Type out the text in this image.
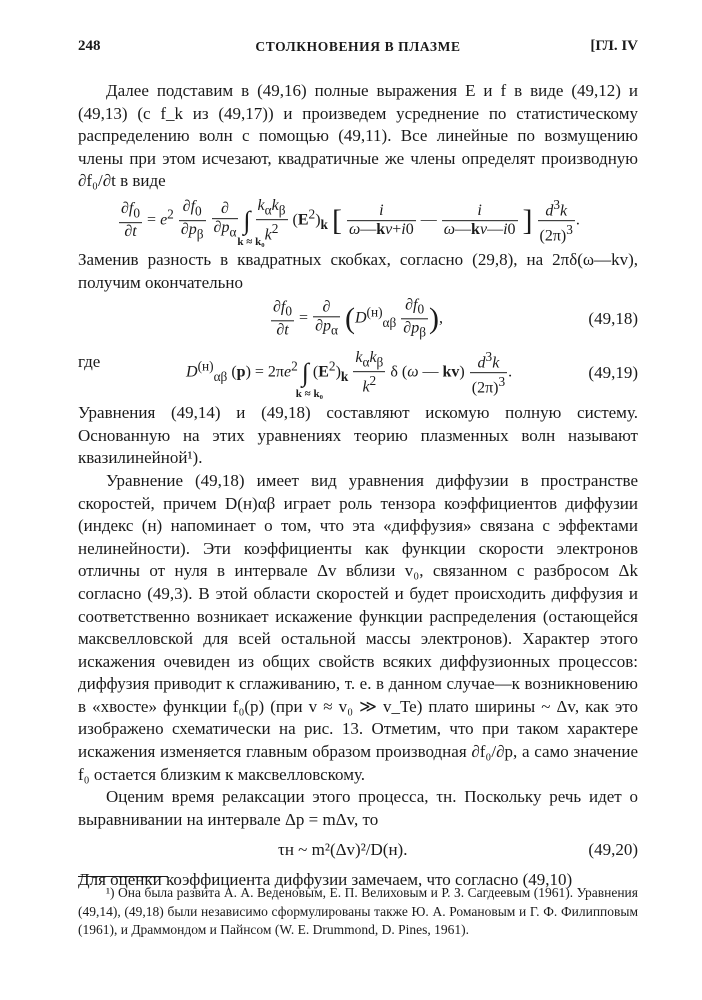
248	СТОЛКНОВЕНИЯ В ПЛАЗМЕ	[ГЛ. IV

Далее подставим в (49,16) полные выражения E и f в виде (49,12) и (49,13) (с f_k из (49,17)) и произведем усреднение по статистическому распределению волн с помощью (49,11). Все линейные по возмущению члены при этом исчезают, квадратичные же члены определят производную ∂f₀/∂t в виде

$\frac{\partial f_0}{\partial t} = e^2 \frac{\partial f_0}{\partial p_\beta}$
$\frac{\partial}{\partial p_\alpha}$ ∫
k ≈ k₀

$\frac{k_\alpha k_\beta}{k^2} (E^2)_k$ [ $\frac{i}{\omega—kv+i0}$ — $\frac{i}{\omega—kv—i0}$ ] $\frac{d^3k}{(2\pi)^3}$ .

Заменив разность в квадратных скобках, согласно (29,8), на 2πδ(ω—kv), получим окончательно

$\frac{\partial f_0}{\partial t} = \frac{\partial}{\partial p_\alpha} (D^{(н)}_{\alpha\beta} \frac{\partial f_0}{\partial p_\beta}$ ),	(49,18)
где
$D^{(н)}_{\alpha\beta}$ $(p) = 2\pi e^2$ ∫
k ≈ k₀
$(E^2)_k \frac{k_\alpha k_\beta}{k^2}$ δ (ω — $kv) \frac{d^3k}{(2\pi)^3}$ .	(49,19)

Уравнения (49,14) и (49,18) составляют искомую полную систему. Основанную на этих уравнениях теорию плазменных волн называют квазилинейной¹).

Уравнение (49,18) имеет вид уравнения диффузии в пространстве скоростей, причем D(н)αβ играет роль тензора коэффициентов диффузии (индекс (н) напоминает о том, что эта «диффузия» связана с эффектами нелинейности). Эти коэффициенты как функции скорости электронов отличны от нуля в интервале Δv вблизи v₀, связанном с разбросом Δk согласно (49,3). В этой области скоростей и будет происходить диффузия и соответственно возникает искажение функции распределения (остающейся максвелловской для всей остальной массы электронов). Характер этого искажения очевиден из общих свойств всяких диффузионных процессов: диффузия приводит к сглаживанию, т. е. в данном случае—к возникновению в «хвосте» функции f₀(p) (при v ≈ v₀ ≫ v_Te) плато ширины ~ Δv, как это изображено схематически на рис. 13. Отметим, что при таком характере искажения изменяется главным образом производная ∂f₀/∂p, а само значение f₀ остается близким к максвелловскому.

Оценим время релаксации этого процесса, τн. Поскольку речь идет о выравнивании на интервале Δp = mΔv, то

τн ~ m²(Δv)²/D(н).	(49,20)

Для оценки коэффициента диффузии замечаем, что согласно (49,10)

¹) Она была развита А. А. Веденовым, Е. П. Велиховым и Р. З. Сагдеевым (1961). Уравнения (49,14), (49,18) были независимо сформулированы также Ю. А. Романовым и Г. Ф. Филипповым (1961), и Драммондом и Пайнсом (W. E. Drummond, D. Pines, 1961).
